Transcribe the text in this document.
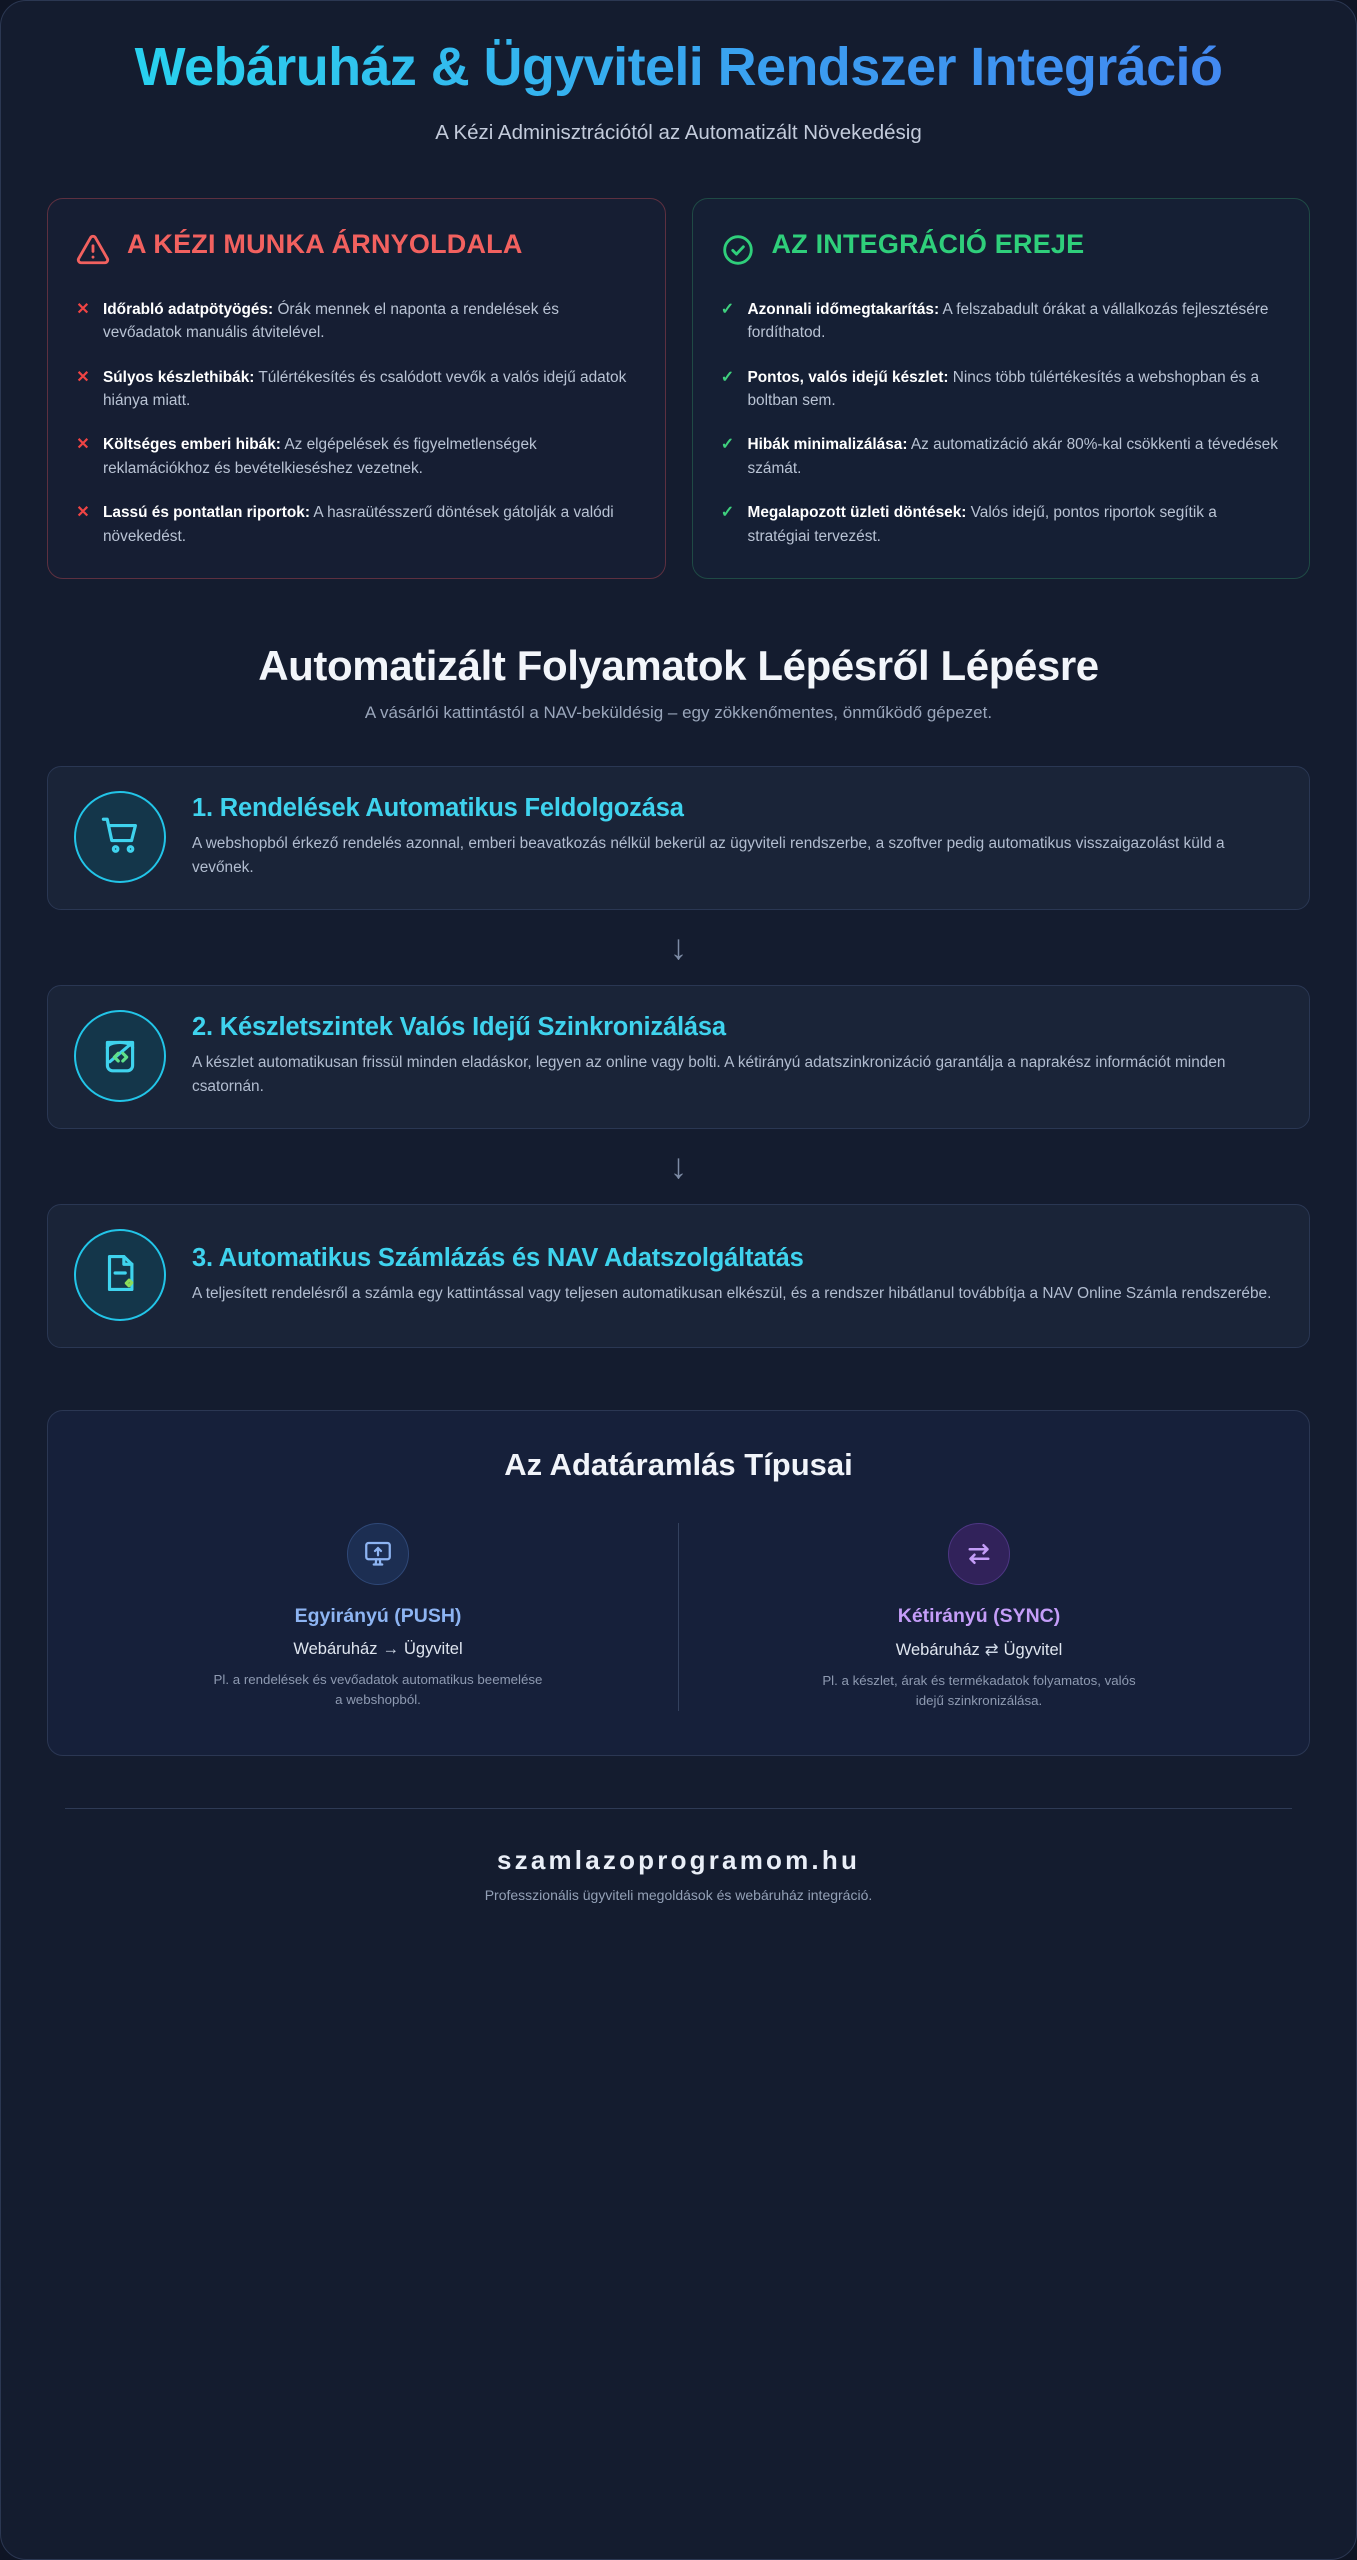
Webáruház & Ügyviteli Rendszer Integráció
A Kézi Adminisztrációtól az Automatizált Növekedésig
A KÉZI MUNKA ÁRNYOLDALA
✕ Időrabló adatpötyögés: Órák mennek el naponta a rendelések és vevőadatok manuális átvitelével.
✕ Súlyos készlethibák: Túlértékesítés és csalódott vevők a valós idejű adatok hiánya miatt.
✕ Költséges emberi hibák: Az elgépelések és figyelmetlenségek reklamációkhoz és bevételkieséshez vezetnek.
✕ Lassú és pontatlan riportok: A hasraütésszerű döntések gátolják a valódi növekedést.
AZ INTEGRÁCIÓ EREJE
✓ Azonnali időmegtakarítás: A felszabadult órákat a vállalkozás fejlesztésére fordíthatod.
✓ Pontos, valós idejű készlet: Nincs több túlértékesítés a webshopban és a boltban sem.
✓ Hibák minimalizálása: Az automatizáció akár 80%-kal csökkenti a tévedések számát.
✓ Megalapozott üzleti döntések: Valós idejű, pontos riportok segítik a stratégiai tervezést.
Automatizált Folyamatok Lépésről Lépésre
A vásárlói kattintástól a NAV-beküldésig – egy zökkenőmentes, önműködő gépezet.
1. Rendelések Automatikus Feldolgozása

A webshopból érkező rendelés azonnal, emberi beavatkozás nélkül bekerül az ügyviteli rendszerbe, a szoftver pedig automatikus visszaigazolást küld a vevőnek.

↓
2. Készletszintek Valós Idejű Szinkronizálása

A készlet automatikusan frissül minden eladáskor, legyen az online vagy bolti. A kétirányú adatszinkronizáció garantálja a naprakész információt minden csatornán.

↓
3. Automatikus Számlázás és NAV Adatszolgáltatás

A teljesített rendelésről a számla egy kattintással vagy teljesen automatikusan elkészül, és a rendszer hibátlanul továbbítja a NAV Online Számla rendszerébe.

Az Adatáramlás Típusai
Egyirányú (PUSH)
Webáruház → Ügyvitel
Pl. a rendelések és vevőadatok automatikus beemelése a webshopból.
Kétirányú (SYNC)
Webáruház ⇄ Ügyvitel
Pl. a készlet, árak és termékadatok folyamatos, valós idejű szinkronizálása.
szamlazoprogramom.hu
Professzionális ügyviteli megoldások és webáruház integráció.
